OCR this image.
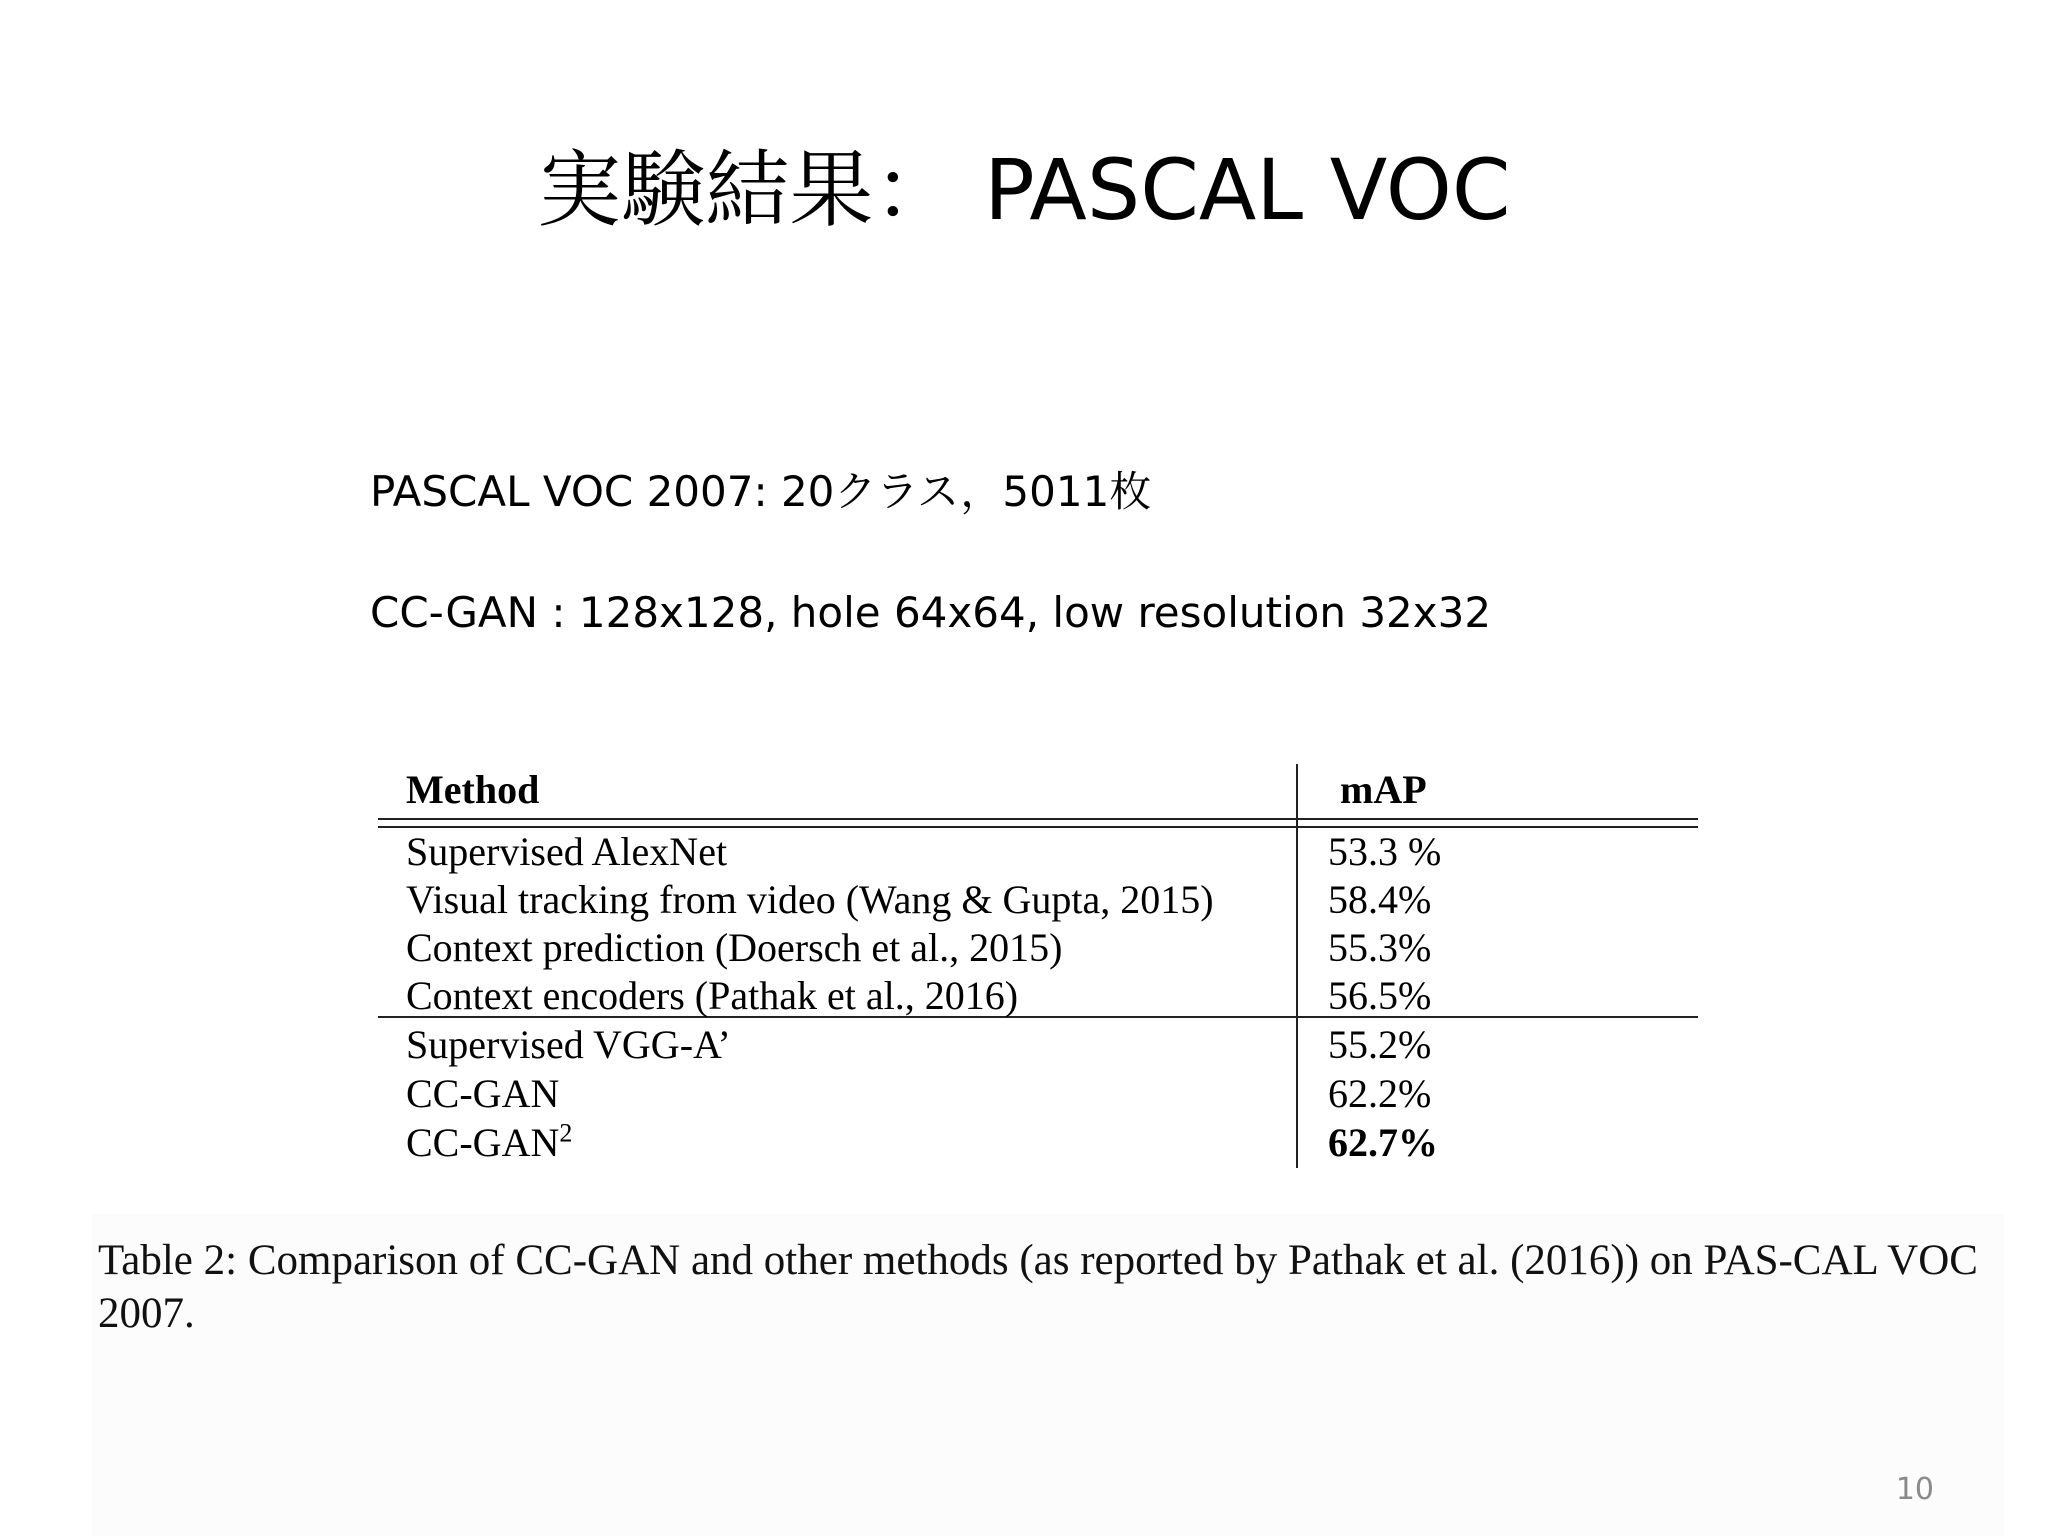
実験結果： PASCAL VOC
PASCAL VOC 2007: 20クラス，5011枚
CC-GAN : 128x128, hole 64x64, low resolution 32x32
Method	mAP
Supervised AlexNet	53.3 %
Visual tracking from video (Wang & Gupta, 2015)	58.4%
Context prediction (Doersch et al., 2015)	55.3%
Context encoders (Pathak et al., 2016)	56.5%
Supervised VGG-A’	55.2%
CC-GAN	62.2%
CC-GAN$^2$	62.7%
Table 2: Comparison of CC-GAN and other methods (as reported by Pathak et al. (2016)) on PAS-CAL VOC 2007.
10
